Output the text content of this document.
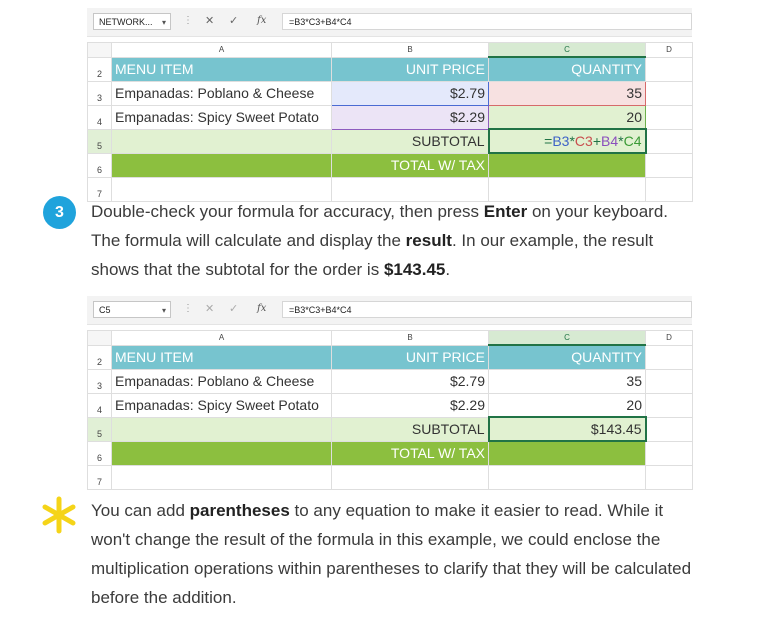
NETWORK... ▾ ⋮ ✕ ✓ fx	=B3*C3+B4*C4
	A	B	C	D
2	MENU ITEM	UNIT PRICE	QUANTITY	
3	Empanadas: Poblano & Cheese	$2.79	35	
4	Empanadas: Spicy Sweet Potato	$2.29	20	
5		SUBTOTAL	=B3*C3+B4*C4	
6		TOTAL W/ TAX		
7				
3	Double-check your formula for accuracy, then press Enter on your keyboard. The formula will calculate and display the result. In our example, the result shows that the subtotal for the order is $143.45.
C5	▾ ⋮ ✕ ✓ fx	=B3*C3+B4*C4
	A	B	C	D
2	MENU ITEM	UNIT PRICE	QUANTITY	
3	Empanadas: Poblano & Cheese	$2.79	35	
4	Empanadas: Spicy Sweet Potato	$2.29	20	
5		SUBTOTAL	$143.45	
6		TOTAL W/ TAX		
7				
You can add parentheses to any equation to make it easier to read. While it won't change the result of the formula in this example, we could enclose the multiplication operations within parentheses to clarify that they will be calculated before the addition.
